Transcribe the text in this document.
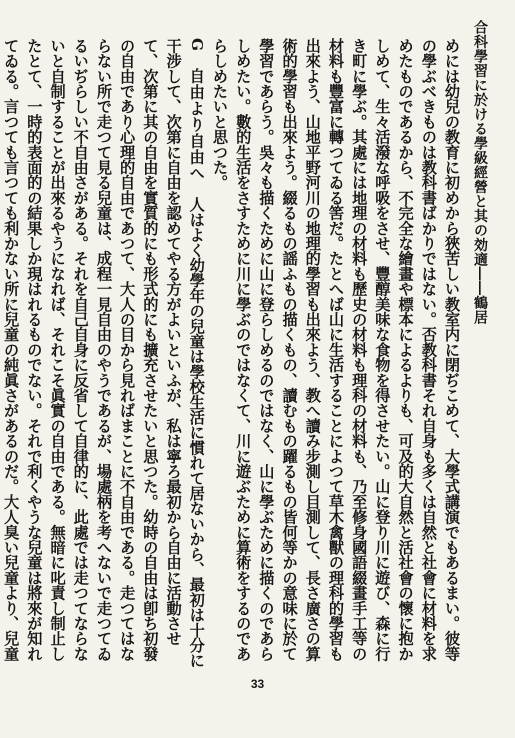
合科學習に於ける學級經營と其の効適――鶴居

めには幼兒の教育に初めから狹苦しい教室内に閉ぢこめて、大學式講演でもあるまい。彼等の學ぶべきものは教科書ばかりではない。否教科書それ自身も多くは自然と社會に材料を求めたものであるから、不完全な繪畫や標本によるよりも、可及的大自然と活社會の懷に抱かしめて、生々活潑な呼吸をさせ、豐醇美味な食物を得させたい。山に登り川に遊び、森に行き町に學ぶ。其處には地理の材料も歷史の材料も理科の材料も、乃至修身國語綴畫手工等の材料も豐富に轉つてゐる筈だ。たとへば山に生活することによつて草木禽獸の理科的學習も出來よう、山地平野河川の地理的學習も出來よう、教へ讀み步測し目測して、長さ廣さの算術的學習も出來よう。綴るもの謡ふもの描くもの、讀むもの躍るもの皆何等かの意味に於て學習であらう。吳々も描くために山に登らしめるのではなく、山に學ぶために描くのであらしめたい。數的生活をさすために川に學ぶのではなくて、川に遊ぶために算術をするのであらしめたいと思つた。

G　自由より自由へ　人はよく幼學年の兒童は學校生活に慣れて居ないから、最初は十分に干涉して、次第に自由を認めてやる方がよいといふが、私は寧ろ最初から自由に活動させて、次第に其の自由を實質的にも形式的にも擴充させたいと思つた。幼時の自由は卽ち初發の自由であり心理的自由であつて、大人の目から見ればまことに不自由である。走つてはならない所で走つて見る兒童は、成程一見自由のやうであるが、場處柄を考へないで走つてゐるいぢらしい不自由さがある。それを自己自身に反省して自律的に、此處では走つてならないと自制することが出來るやうになれば、それこそ眞實の自由である。無暗に叱責し制止したとて、一時的表面的の結果しか現はれるものでない。それで利くやうな兒童は將來が知れてゐる。言つても言つても利かない所に兒童の純眞さがあるのだ。大人臭い兒童より、兒童

33
